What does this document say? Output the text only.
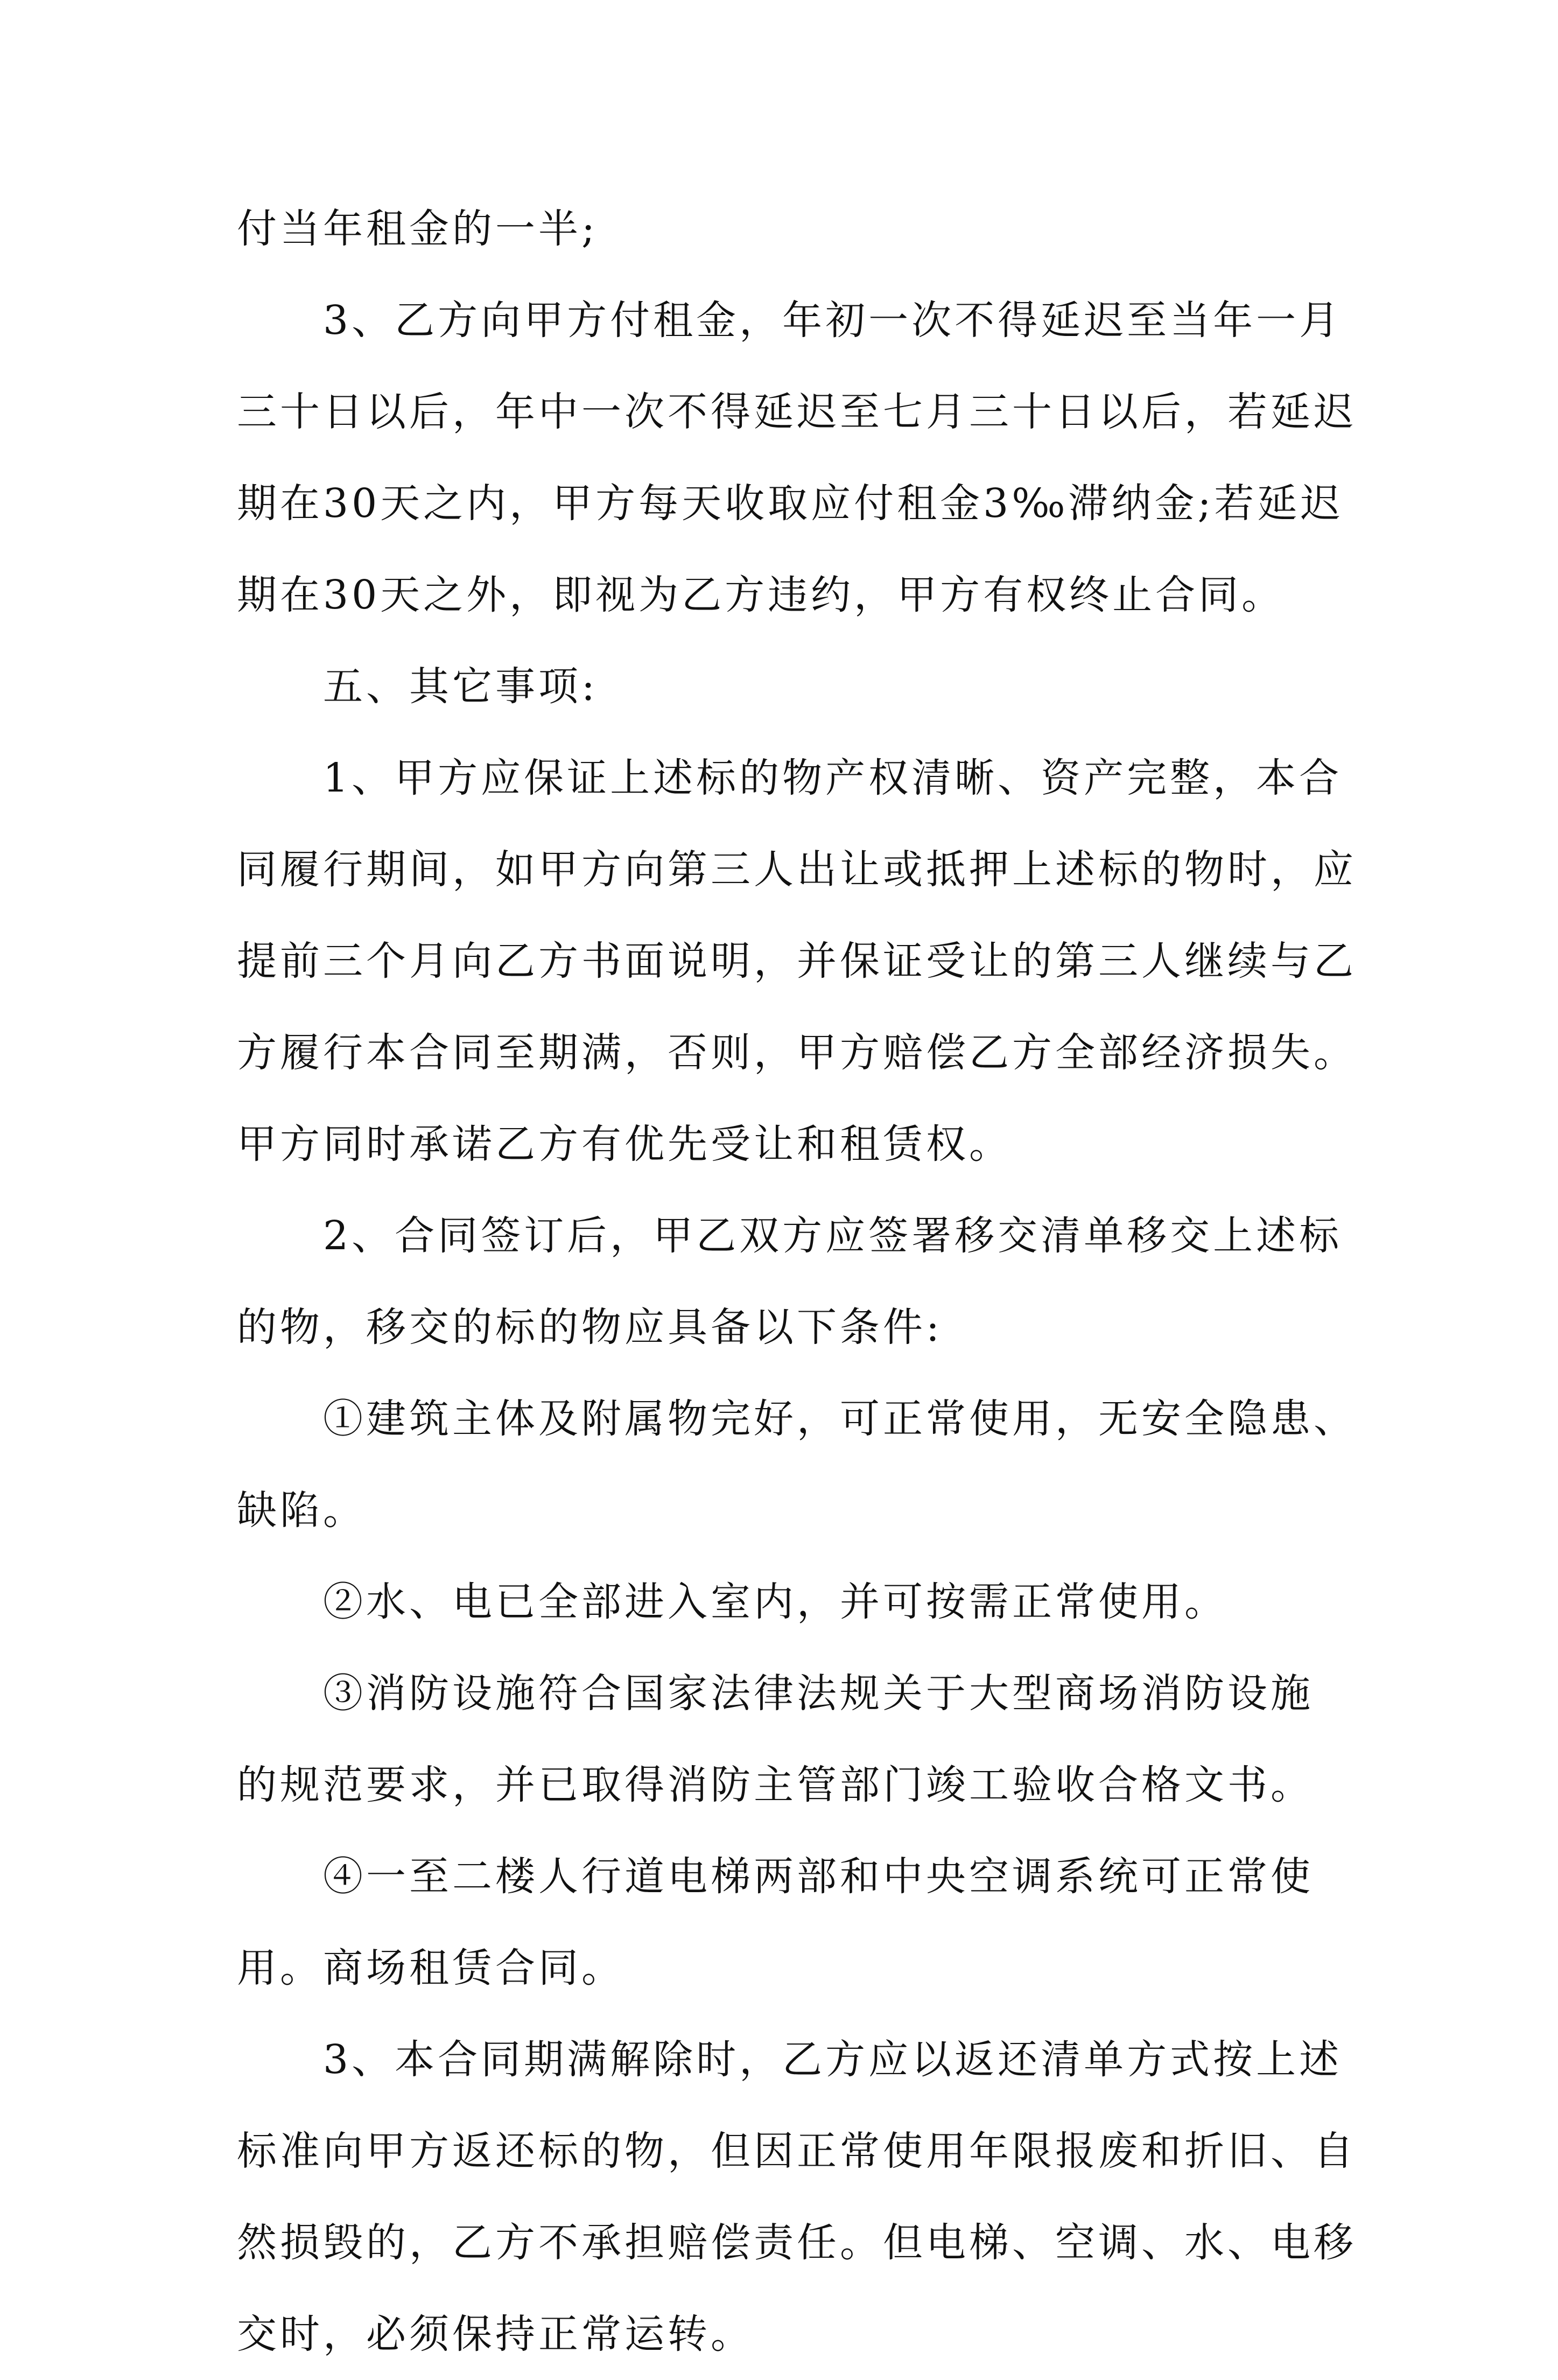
付当年租金的一半;
3、乙方向甲方付租金，年初一次不得延迟至当年一月
三十日以后，年中一次不得延迟至七月三十日以后，若延迟
期在30天之内，甲方每天收取应付租金3‰滞纳金;若延迟
期在30天之外，即视为乙方违约，甲方有权终止合同。
五、其它事项:
1、甲方应保证上述标的物产权清晰、资产完整，本合
同履行期间，如甲方向第三人出让或抵押上述标的物时，应
提前三个月向乙方书面说明，并保证受让的第三人继续与乙
方履行本合同至期满，否则，甲方赔偿乙方全部经济损失。
甲方同时承诺乙方有优先受让和租赁权。
2、合同签订后，甲乙双方应签署移交清单移交上述标
的物，移交的标的物应具备以下条件:
①建筑主体及附属物完好，可正常使用，无安全隐患、
缺陷。
②水、电已全部进入室内，并可按需正常使用。
③消防设施符合国家法律法规关于大型商场消防设施
的规范要求，并已取得消防主管部门竣工验收合格文书。
④一至二楼人行道电梯两部和中央空调系统可正常使
用。商场租赁合同。
3、本合同期满解除时，乙方应以返还清单方式按上述
标准向甲方返还标的物，但因正常使用年限报废和折旧、自
然损毁的，乙方不承担赔偿责任。但电梯、空调、水、电移
交时，必须保持正常运转。
